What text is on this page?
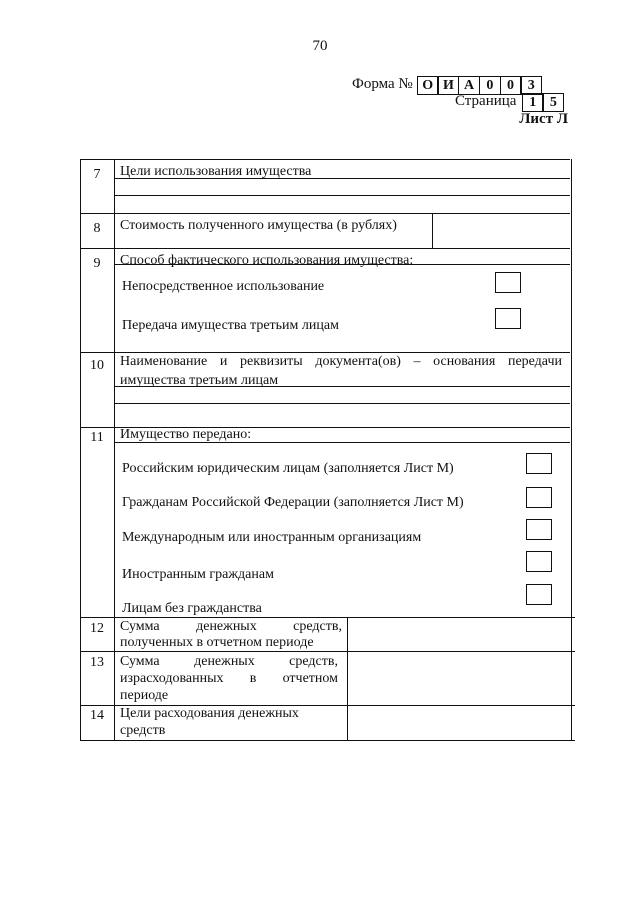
70
Форма № О И А 0 0 3
Страница 1 5
Лист Л
7	Цели использования имущества
8	Стоимость полученного имущества (в рублях)
9	Способ фактического использования имущества:
Непосредственное использование
Передача имущества третьим лицам
10	Наименование и реквизиты документа(ов) – основания передачи
имущества третьим лицам
11	Имущество передано:
Российским юридическим лицам (заполняется Лист М)
Гражданам Российской Федерации (заполняется Лист М)
Международным или иностранным организациям
Иностранным гражданам
Лицам без гражданства
12	Сумма денежных средств,
полученных в отчетном периоде
13	Сумма денежных средств,
израсходованных в отчетном
периоде
14	Цели расходования денежных
средств
